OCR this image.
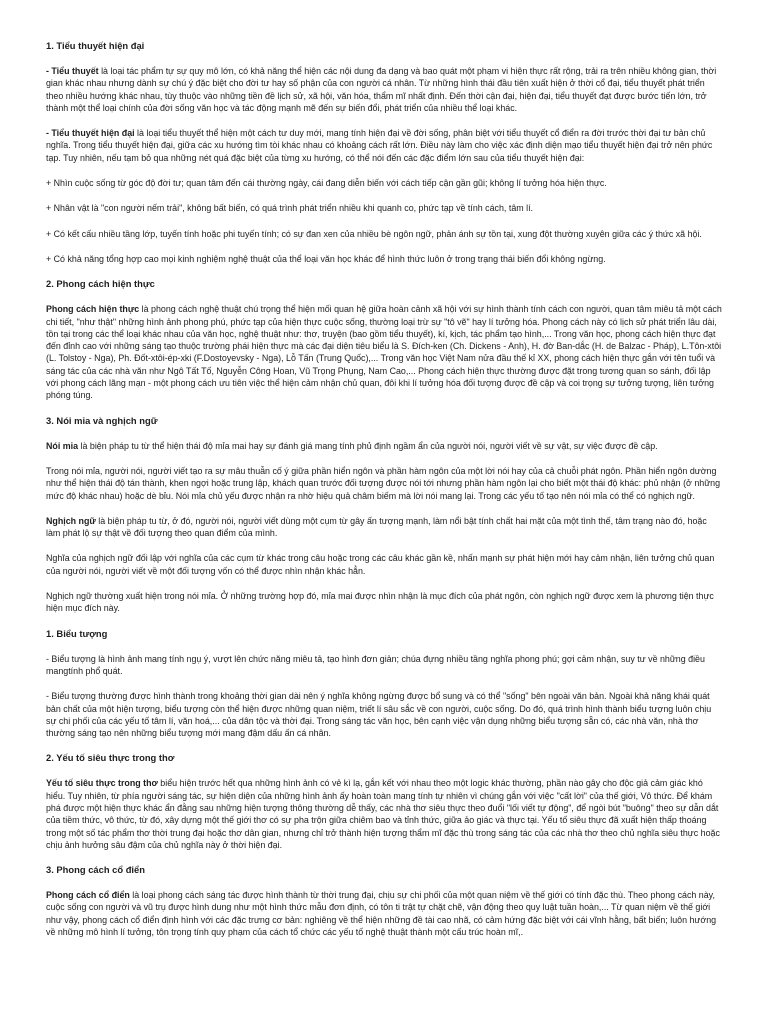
1. Tiểu thuyết hiện đại

- Tiểu thuyết là loại tác phẩm tự sự quy mô lớn, có khả năng thể hiện các nội dung đa dạng và bao quát một phạm vi hiện thực rất rộng, trải ra trên nhiều không gian, thời gian khác nhau nhưng dành sự chú ý đặc biệt cho đời tư hay số phận của con người cá nhân. Từ những hình thái đầu tiên xuất hiện ở thời cổ đại, tiểu thuyết phát triển theo nhiều hướng khác nhau, tùy thuộc vào những tiền đề lịch sử, xã hội, văn hóa, thẩm mĩ nhất định. Đến thời cận đại, hiện đại, tiểu thuyết đạt được bước tiến lớn, trở thành một thể loại chính của đời sống văn học và tác động mạnh mẽ đến sự biến đổi, phát triển của nhiều thể loại khác.

- Tiểu thuyết hiện đại là loại tiểu thuyết thể hiện một cách tư duy mới, mang tính hiện đại về đời sống, phân biệt với tiểu thuyết cổ điển ra đời trước thời đại tư bản chủ nghĩa. Trong tiểu thuyết hiện đại, giữa các xu hướng tìm tòi khác nhau có khoảng cách rất lớn. Điều này làm cho việc xác định diện mạo tiểu thuyết hiện đại trở nên phức tạp. Tuy nhiên, nếu tạm bỏ qua những nét quá đặc biệt của từng xu hướng, có thể nói đến các đặc điểm lớn sau của tiểu thuyết hiện đại:

+ Nhìn cuộc sống từ góc độ đời tư; quan tâm đến cái thường ngày, cái đang diễn biến với cách tiếp cận gần gũi; không lí tưởng hóa hiện thực.

+ Nhân vật là "con người nếm trải", không bất biến, có quá trình phát triển nhiều khi quanh co, phức tạp về tính cách, tâm lí.

+ Có kết cấu nhiều tầng lớp, tuyến tính hoặc phi tuyến tính; có sự đan xen của nhiều bè ngôn ngữ, phản ánh sự tồn tại, xung đột thường xuyên giữa các ý thức xã hội.

+ Có khả năng tổng hợp cao mọi kinh nghiệm nghệ thuật của thể loại văn học khác để hình thức luôn ở trong trạng thái biến đổi không ngừng.

2. Phong cách hiện thực

Phong cách hiện thực là phong cách nghệ thuật chú trọng thể hiện mối quan hệ giữa hoàn cảnh xã hội với sự hình thành tính cách con người, quan tâm miêu tả một cách chi tiết, "như thật" những hình ảnh phong phú, phức tạp của hiện thực cuộc sống, thường loại trừ sự "tô vẽ" hay lí tưởng hóa. Phong cách này có lịch sử phát triển lâu dài, tồn tại trong các thể loại khác nhau của văn học, nghệ thuật như: thơ, truyện (bao gồm tiểu thuyết), kí, kịch, tác phẩm tạo hình,... Trong văn học, phong cách hiện thực đạt đến đỉnh cao với những sáng tạo thuộc trường phái hiện thực mà các đại diện tiêu biểu là S. Đích-ken (Ch. Dickens - Anh), H. đờ Ban-dắc (H. de Balzac - Pháp), L.Tôn-xtôi (L. Tolstoy - Nga), Ph. Đốt-xtôi-ép-xki (F.Dostoyevsky - Nga), Lỗ Tấn (Trung Quốc),... Trong văn học Việt Nam nửa đầu thế kỉ XX, phong cách hiện thực gắn với tên tuổi và sáng tác của các nhà văn như Ngô Tất Tố, Nguyễn Công Hoan, Vũ Trọng Phụng, Nam Cao,... Phong cách hiện thực thường được đặt trong tương quan so sánh, đối lập với phong cách lãng mạn - một phong cách ưu tiên việc thể hiện cảm nhận chủ quan, đôi khi lí tưởng hóa đối tượng được đề cập và coi trọng sự tưởng tượng, liên tưởng phóng túng.

3. Nói mỉa và nghịch ngữ

Nói mỉa là biện pháp tu từ thể hiện thái độ mỉa mai hay sự đánh giá mang tính phủ định ngầm ẩn của người nói, người viết về sự vật, sự việc được đề cập.

Trong nói mỉa, người nói, người viết tạo ra sự mâu thuẫn cố ý giữa phần hiển ngôn và phần hàm ngôn của một lời nói hay của cả chuỗi phát ngôn. Phần hiển ngôn dường như thể hiện thái độ tán thành, khen ngợi hoặc trung lập, khách quan trước đối tượng được nói tới nhưng phần hàm ngôn lại cho biết một thái độ khác: phủ nhận (ở những mức độ khác nhau) hoặc dè bỉu. Nói mỉa chủ yếu được nhận ra nhờ hiệu quả châm biếm mà lời nói mang lại. Trong các yếu tố tạo nên nói mỉa có thể có nghịch ngữ.

Nghịch ngữ là biện pháp tu từ, ở đó, người nói, người viết dùng một cụm từ gây ấn tượng mạnh, làm nổi bật tính chất hai mặt của một tình thế, tâm trạng nào đó, hoặc làm phát lộ sự thật về đối tượng theo quan điểm của mình.

Nghĩa của nghịch ngữ đối lập với nghĩa của các cụm từ khác trong câu hoặc trong các câu khác gần kề, nhấn mạnh sự phát hiện mới hay cảm nhận, liên tưởng chủ quan của người nói, người viết về một đối tượng vốn có thể được nhìn nhận khác hẳn.

Nghịch ngữ thường xuất hiện trong nói mỉa. Ở những trường hợp đó, mỉa mai được nhìn nhận là mục đích của phát ngôn, còn nghịch ngữ được xem là phương tiện thực hiện mục đích này.

1. Biểu tượng

- Biểu tượng là hình ảnh mang tính ngụ ý, vượt lên chức năng miêu tả, tạo hình đơn giản; chúa đựng nhiều tầng nghĩa phong phú; gợi cảm nhận, suy tư về những điều mangtính phổ quát.

- Biểu tượng thường được hình thành trong khoảng thời gian dài nên ý nghĩa không ngừng được bổ sung và có thể "sống" bên ngoài văn bản. Ngoài khả năng khái quát bản chất của một hiện tượng, biểu tượng còn thể hiện được những quan niệm, triết lí sâu sắc về con người, cuộc sống. Do đó, quá trình hình thành biểu tượng luôn chịu sự chi phối của các yếu tố tâm lí, văn hoá,... của dân tộc và thời đại. Trong sáng tác văn học, bên cạnh việc vận dụng những biểu tượng sẵn có, các nhà văn, nhà thơ thường sáng tạo nên những biểu tượng mới mang đậm dấu ấn cá nhân.

2. Yếu tố siêu thực trong thơ

Yếu tố siêu thực trong thơ biểu hiện trước hết qua những hình ảnh có vẻ kì lạ, gắn kết với nhau theo một logic khác thường, phần nào gây cho độc giả cảm giác khó hiểu. Tuy nhiên, từ phía người sáng tác, sự hiện diện của những hình ảnh ấy hoàn toàn mang tính tự nhiên vì chúng gắn với việc "cất lời" của thế giới, Vô thức. Để khám phá được một hiện thực khác ẩn đằng sau những hiện tượng thông thường dễ thấy, các nhà thơ siêu thực theo đuổi "lối viết tự động", để ngòi bút "buông" theo sự dẫn dắt của tiềm thức, vô thức, từ đó, xây dựng một thế giới thơ có sự pha trộn giữa chiêm bao và tỉnh thức, giữa ảo giác và thực tại. Yếu tố siêu thực đã xuất hiện thấp thoáng trong một số tác phẩm thơ thời trung đại hoặc thơ dân gian, nhưng chỉ trở thành hiện tượng thẩm mĩ đặc thù trong sáng tác của các nhà thơ theo chủ nghĩa siêu thực hoặc chịu ảnh hưởng sâu đậm của chủ nghĩa này ở thời hiện đại.

3. Phong cách cổ điển

Phong cách cổ điển là loại phong cách sáng tác được hình thành từ thời trung đại, chịu sự chi phối của một quan niệm về thế giới có tính đặc thù. Theo phong cách này, cuộc sống con người và vũ trụ được hình dung như một hình thức mẫu đơn định, có tôn ti trật tự chặt chẽ, vận động theo quy luật tuần hoàn,... Từ quan niệm về thế giới như vậy, phong cách cổ điển định hình với các đặc trưng cơ bản: nghiêng về thể hiện những đề tài cao nhã, có cảm hứng đặc biệt với cái vĩnh hằng, bất biến; luôn hướng về những mô hình lí tưởng, tôn trọng tính quy phạm của cách tổ chức các yếu tố nghệ thuật thành một cấu trúc hoàn mĩ,.
